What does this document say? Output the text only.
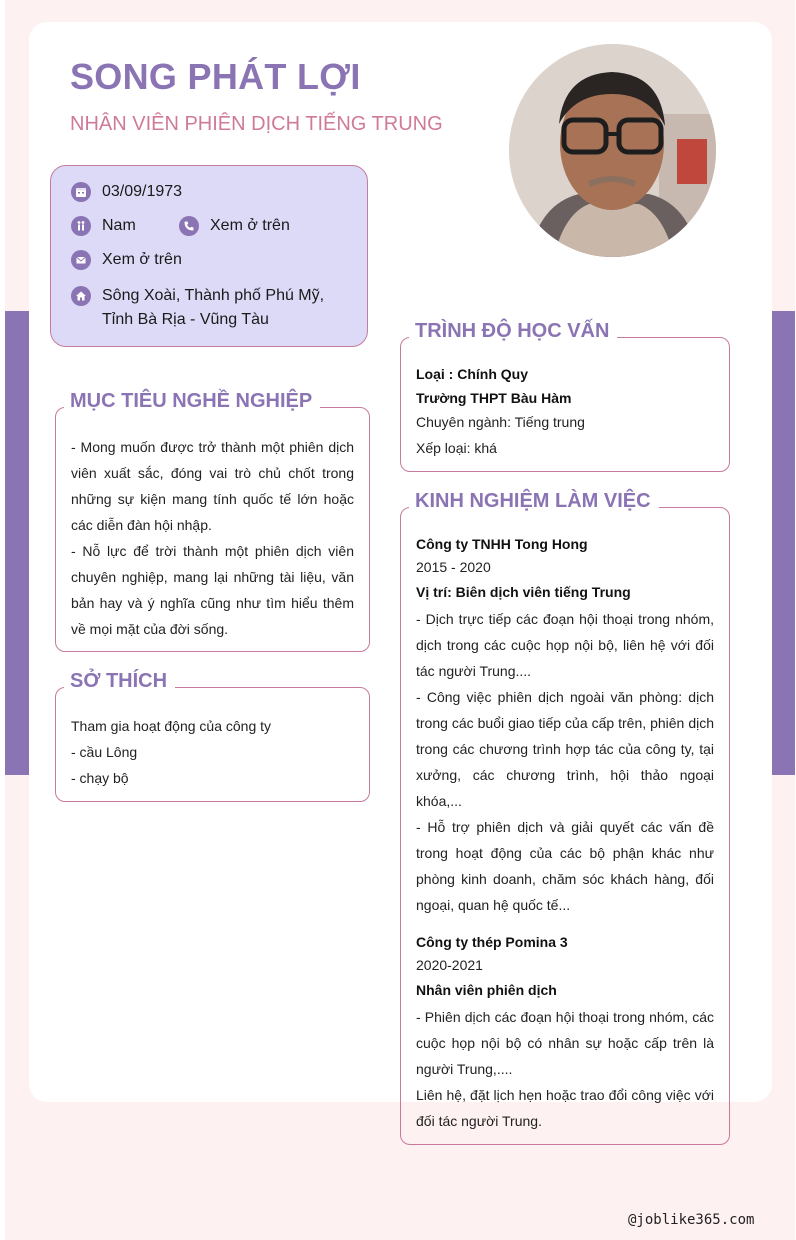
SONG PHÁT LỢI
NHÂN VIÊN PHIÊN DỊCH TIẾNG TRUNG
03/09/1973
Nam	Xem ở trên
Xem ở trên
Sông Xoài, Thành phố Phú Mỹ,
Tỉnh Bà Rịa - Vũng Tàu
MỤC TIÊU NGHỀ NGHIỆP

- Mong muốn được trở thành một phiên dịch viên xuất sắc, đóng vai trò chủ chốt trong những sự kiện mang tính quốc tế lớn hoặc các diễn đàn hội nhập.

- Nỗ lực để trời thành một phiên dịch viên chuyên nghiệp, mang lại những tài liệu, văn bản hay và ý nghĩa cũng như tìm hiểu thêm về mọi mặt của đời sống.

SỞ THÍCH
Tham gia hoạt động của công ty
- cầu Lông
- chạy bộ
TRÌNH ĐỘ HỌC VẤN
Loại : Chính Quy
Trường THPT Bàu Hàm
Chuyên ngành: Tiếng trung
Xếp loại: khá
KINH NGHIỆM LÀM VIỆC
Công ty TNHH Tong Hong
2015 - 2020
Vị trí: Biên dịch viên tiếng Trung

- Dịch trực tiếp các đoạn hội thoại trong nhóm, dịch trong các cuộc họp nội bộ, liên hệ với đối tác người Trung....

- Công việc phiên dịch ngoài văn phòng: dịch trong các buổi giao tiếp của cấp trên, phiên dịch trong các chương trình hợp tác của công ty, tại xưởng, các chương trình, hội thảo ngoại khóa,...

- Hỗ trợ phiên dịch và giải quyết các vấn đề trong hoạt động của các bộ phận khác như phòng kinh doanh, chăm sóc khách hàng, đối ngoại, quan hệ quốc tế...

Công ty thép Pomina 3
2020-2021
Nhân viên phiên dịch

- Phiên dịch các đoạn hội thoại trong nhóm, các cuộc họp nội bộ có nhân sự hoặc cấp trên là người Trung,....

Liên hệ, đặt lịch hẹn hoặc trao đổi công việc với đối tác người Trung.

@joblike365.com
